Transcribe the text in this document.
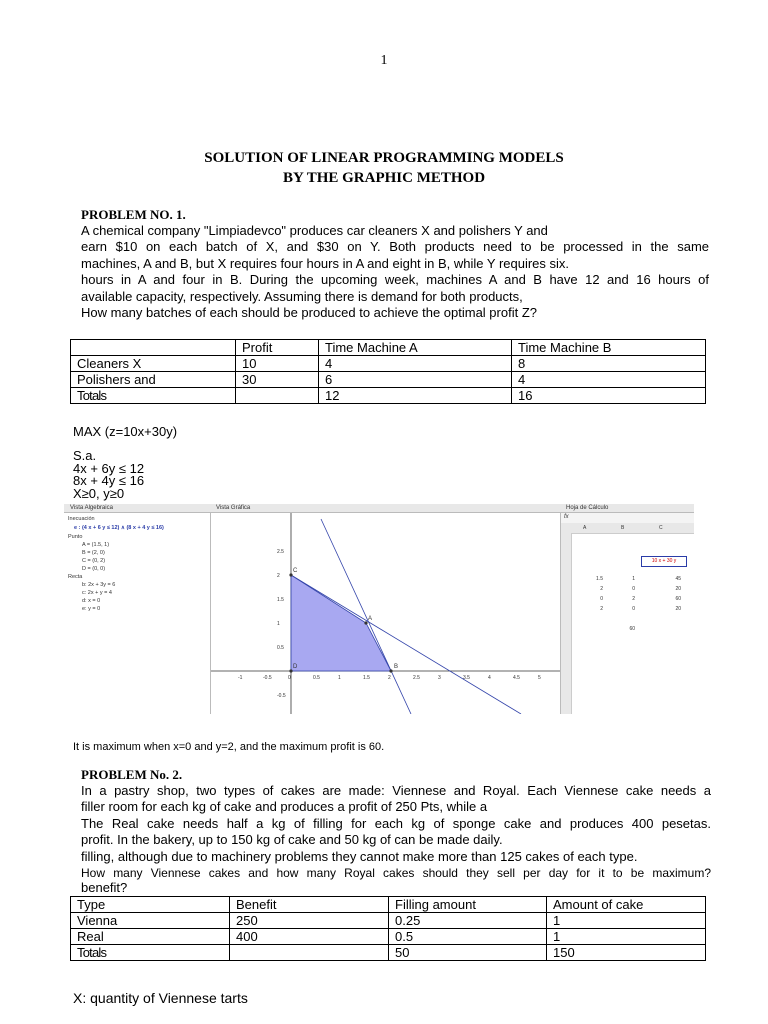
1
SOLUTION OF LINEAR PROGRAMMING MODELS
BY THE GRAPHIC METHOD
PROBLEM NO. 1.
A chemical company "Limpiadevco" produces car cleaners X and polishers Y and
earn $10 on each batch of X, and $30 on Y. Both products need to be processed in the same
machines, A and B, but X requires four hours in A and eight in B, while Y requires six.
hours in A and four in B. During the upcoming week, machines A and B have 12 and 16 hours of
available capacity, respectively. Assuming there is demand for both products,
How many batches of each should be produced to achieve the optimal profit Z?
	Profit	Time Machine A	Time Machine B
Cleaners X	10	4	8
Polishers and	30	6	4
Totals		12	16
MAX (z=10x+30y)
S.a.
4x + 6y ≤ 12
8x + 4y ≤ 16
X≥0, y≥0
Vista Algebraica	Vista Gráfica	Hoja de Cálculo
Inecuación
e : (4 x + 6 y ≤ 12) ∧ (8 x + 4 y ≤ 16)
Punto
A = (1.5, 1)
B = (2, 0)
C = (0, 2)
D = (0, 0)
Recta
b: 2x + 3y = 6
c: 2x + y = 4
d: x = 0
e: y = 0
A
B
C
D
-1	-0.5	0	0.5	1	1.5	2	2.5	3	3.5	4	4.5	5
2.5
2
1.5
1
0.5
-0.5
fx
A	B	C
10 x + 30 y
1.5	1	45
2	0	20
0	2	60
2	0	20
60
It is maximum when x=0 and y=2, and the maximum profit is 60.
PROBLEM No. 2.
In a pastry shop, two types of cakes are made: Viennese and Royal. Each Viennese cake needs a
filler room for each kg of cake and produces a profit of 250 Pts, while a
The Real cake needs half a kg of filling for each kg of sponge cake and produces 400 pesetas.
profit. In the bakery, up to 150 kg of cake and 50 kg of can be made daily.
filling, although due to machinery problems they cannot make more than 125 cakes of each type.
How many Viennese cakes and how many Royal cakes should they sell per day for it to be maximum?
benefit?
Type	Benefit	Filling amount	Amount of cake
Vienna	250	0.25	1
Real	400	0.5	1
Totals		50	150
X: quantity of Viennese tarts
